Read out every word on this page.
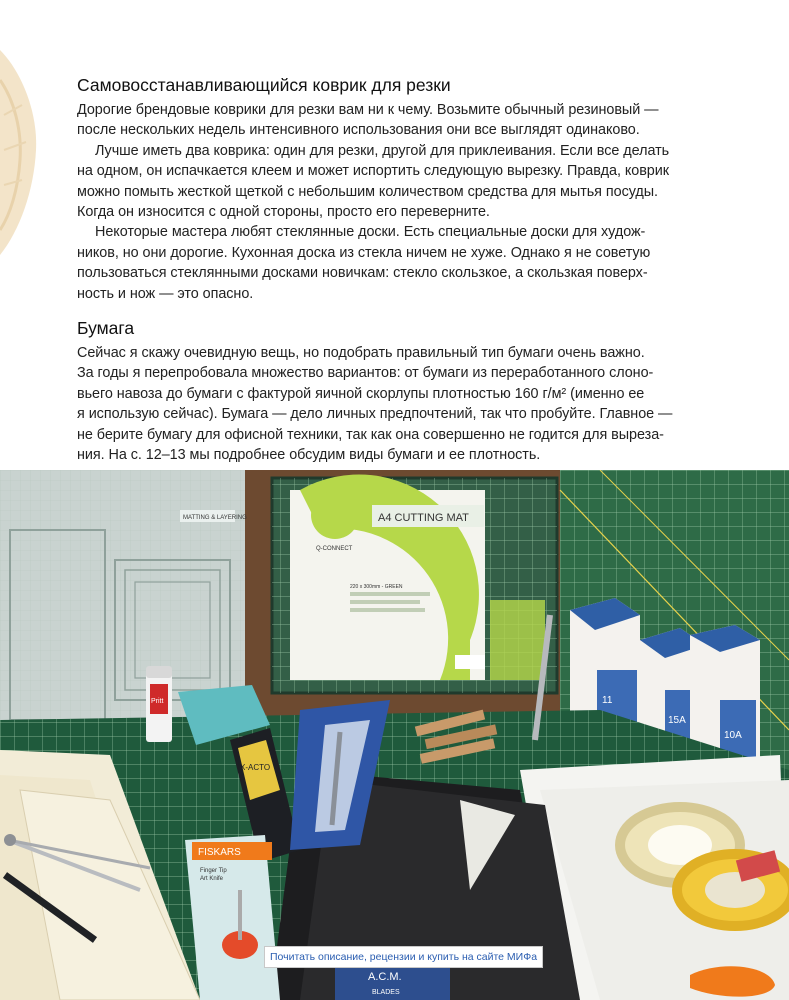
Самовосстанавливающийся коврик для резки

Дорогие брендовые коврики для резки вам ни к чему. Возьмите обычный резиновый —

после нескольких недель интенсивного использования они все выглядят одинаково.

Лучше иметь два коврика: один для резки, другой для приклеивания. Если все делать

на одном, он испачкается клеем и может испортить следующую вырезку. Правда, коврик

можно помыть жесткой щеткой с небольшим количеством средства для мытья посуды.

Когда он износится с одной стороны, просто его переверните.

Некоторые мастера любят стеклянные доски. Есть специальные доски для худож-

ников, но они дорогие. Кухонная доска из стекла ничем не хуже. Однако я не советую

пользоваться стеклянными досками новичкам: стекло скользкое, а скользкая поверх-

ность и нож — это опасно.

Бумага

Сейчас я скажу очевидную вещь, но подобрать правильный тип бумаги очень важно.

За годы я перепробовала множество вариантов: от бумаги из переработанного слоно-

вьего навоза до бумаги с фактурой яичной скорлупы плотностью 160 г/м² (именно ее

я использую сейчас). Бумага — дело личных предпочтений, так что пробуйте. Главное —

не берите бумагу для офисной техники, так как она совершенно не годится для выреза-

ния. На с. 12–13 мы подробнее обсудим виды бумаги и ее плотность.

MATTING & LAYERING	A4 CUTTING MAT
Q-CONNECT
220 x 300mm - GREEN
11
15A
10A
Pritt
X-ACTO
FISKARS
Finger Tip
Art Knife
A.C.M.
BLADES
Почитать описание, рецензии и купить на сайте МИФа
